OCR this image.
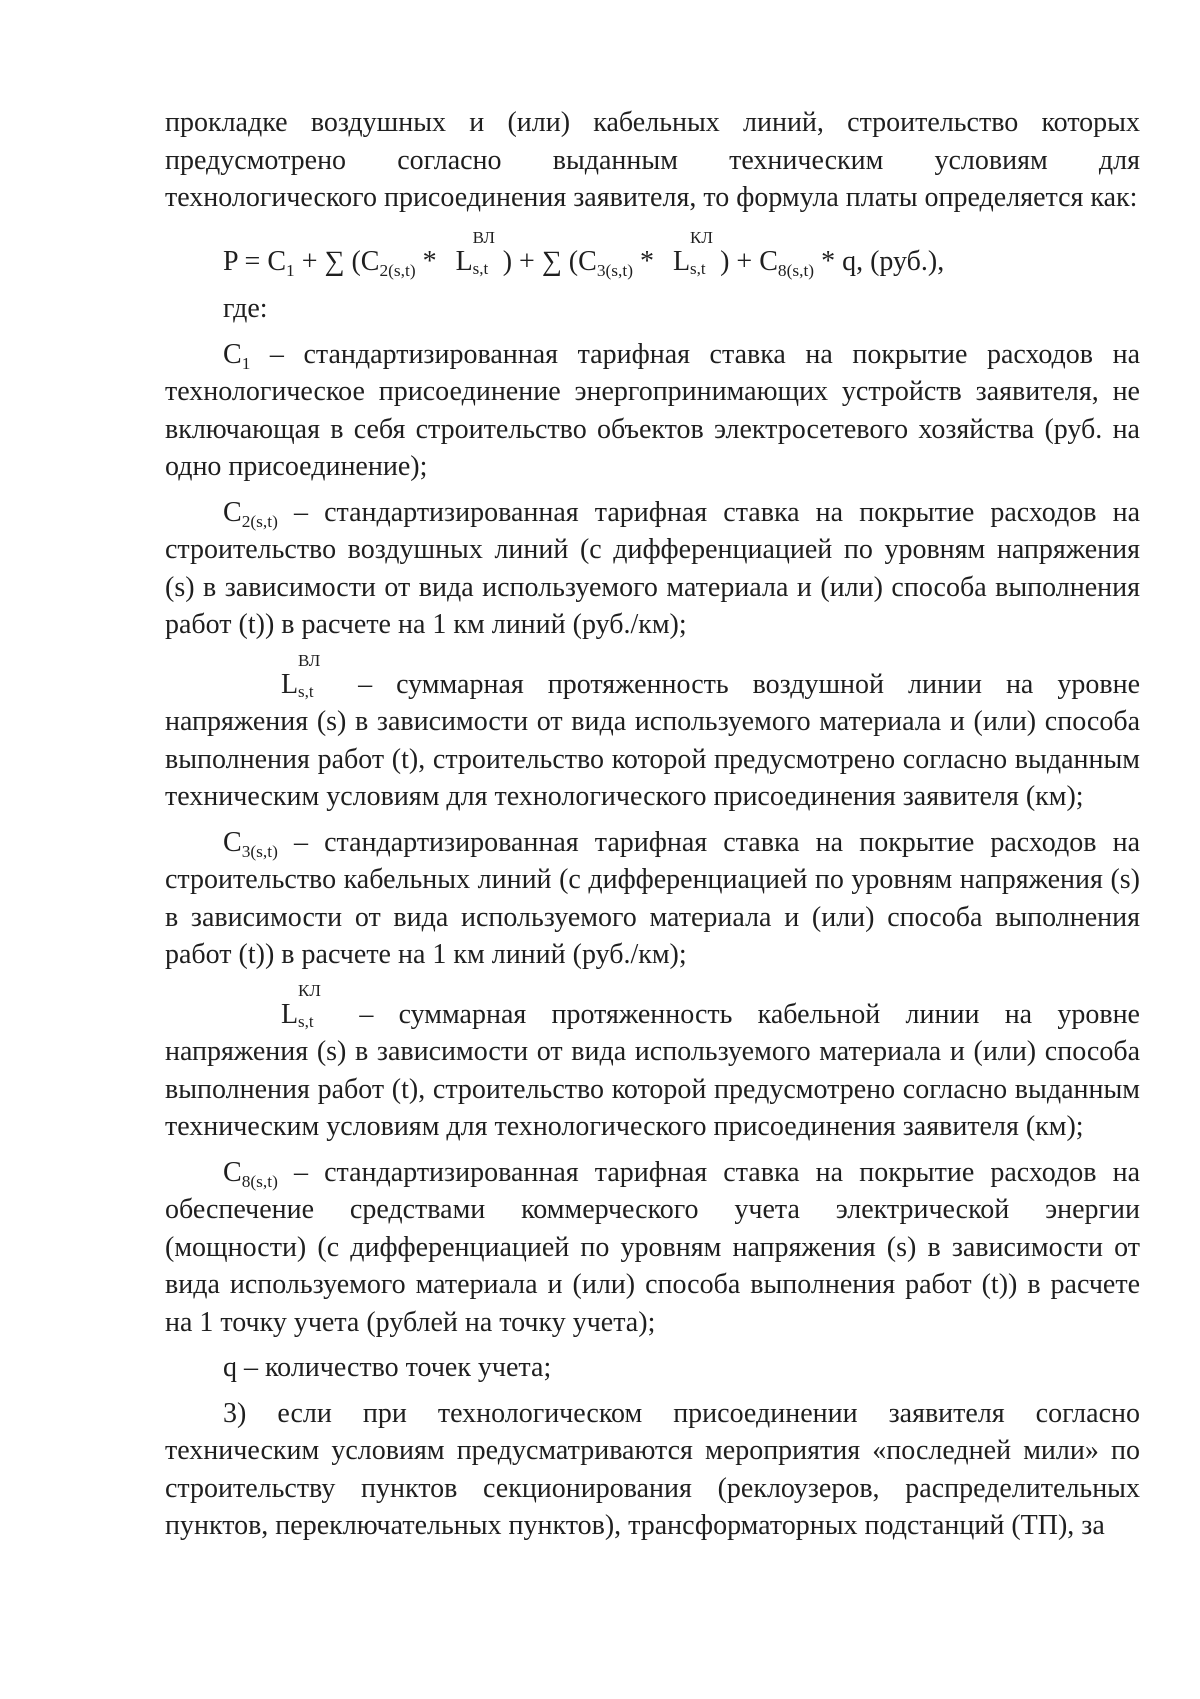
прокладке воздушных и (или) кабельных линий, строительство которых

предусмотрено согласно выданным техническим условиям для

технологического присоединения заявителя, то формула платы определяется как:

$P = C_1$ + ∑ ($C_{2(s,t)}$ * L
ВЛ
s,t ) + ∑ ($C_{3(s,t)}$ * L
КЛ
s,t ) + $C_{8(s,t)}$ * q, (руб.),

где:

$C_1$ – стандартизированная тарифная ставка на покрытие расходов на технологическое присоединение энергопринимающих устройств заявителя, не включающая в себя строительство объектов электросетевого хозяйства (руб. на одно присоединение);

$C_{2(s,t)}$ – стандартизированная тарифная ставка на покрытие расходов на строительство воздушных линий (с дифференциацией по уровням напряжения (s) в зависимости от вида используемого материала и (или) способа выполнения работ (t)) в расчете на 1 км линий (руб./км);

L
ВЛ
s,t – суммарная протяженность воздушной линии на уровне напряжения (s) в зависимости от вида используемого материала и (или) способа выполнения работ (t), строительство которой предусмотрено согласно выданным техническим условиям для технологического присоединения заявителя (км);

$C_{3(s,t)}$ – стандартизированная тарифная ставка на покрытие расходов на строительство кабельных линий (с дифференциацией по уровням напряжения (s) в зависимости от вида используемого материала и (или) способа выполнения работ (t)) в расчете на 1 км линий (руб./км);

L
КЛ
s,t – суммарная протяженность кабельной линии на уровне напряжения (s) в зависимости от вида используемого материала и (или) способа выполнения работ (t), строительство которой предусмотрено согласно выданным техническим условиям для технологического присоединения заявителя (км);

$C_{8(s,t)}$ – стандартизированная тарифная ставка на покрытие расходов на обеспечение средствами коммерческого учета электрической энергии (мощности) (с дифференциацией по уровням напряжения (s) в зависимости от вида используемого материала и (или) способа выполнения работ (t)) в расчете на 1 точку учета (рублей на точку учета);

q – количество точек учета;

3) если при технологическом присоединении заявителя согласно техническим условиям предусматриваются мероприятия «последней мили» по строительству пунктов секционирования (реклоузеров, распределительных пунктов, переключательных пунктов), трансформаторных подстанций (ТП), за
